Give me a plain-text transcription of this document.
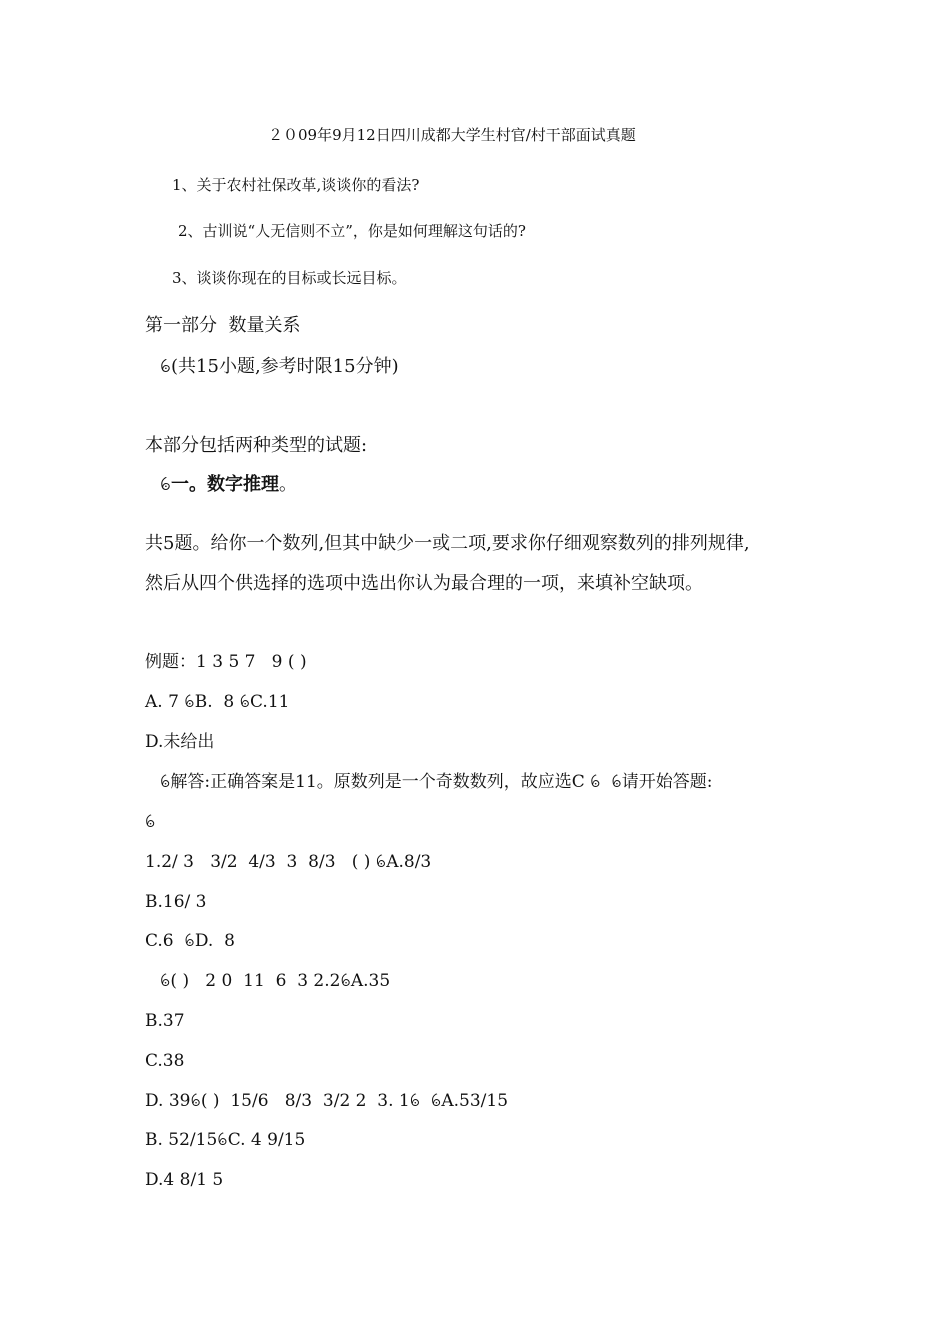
２０09年9月12日四川成都大学生村官/村干部面试真题
1、关于农村社保改革,谈谈你的看法?
2、古训说“人无信则不立”，你是如何理解这句话的?
3、谈谈你现在的目标或长远目标。
第一部分  数量关系
ꕄ(共15小题,参考时限15分钟)
本部分包括两种类型的试题:
ꕄ一。数字推理。
共5题。给你一个数列,但其中缺少一或二项,要求你仔细观察数列的排列规律,
然后从四个供选择的选项中选出你认为最合理的一项，来填补空缺项。
例题：1 3 5 7   9 ( )
A. 7 ꕄB.  8 ꕄC.11
D.未给出
ꕄ解答:正确答案是11。原数列是一个奇数数列，故应选C ꕄ  ꕄ请开始答题:
ꕄ
1.2/ 3   3/2  4/3  3  8/3   ( ) ꕄA.8/3
B.16/ 3
C.6  ꕄD.  8
ꕄ( )   2 0  11  6  3 2.2ꕄA.35
B.37
C.38
D. 39ꕄ( )  15/6   8/3  3/2 2  3. 1ꕄ  ꕄA.53/15
B. 52/15ꕄC. 4 9/15
D.4 8/1 5
